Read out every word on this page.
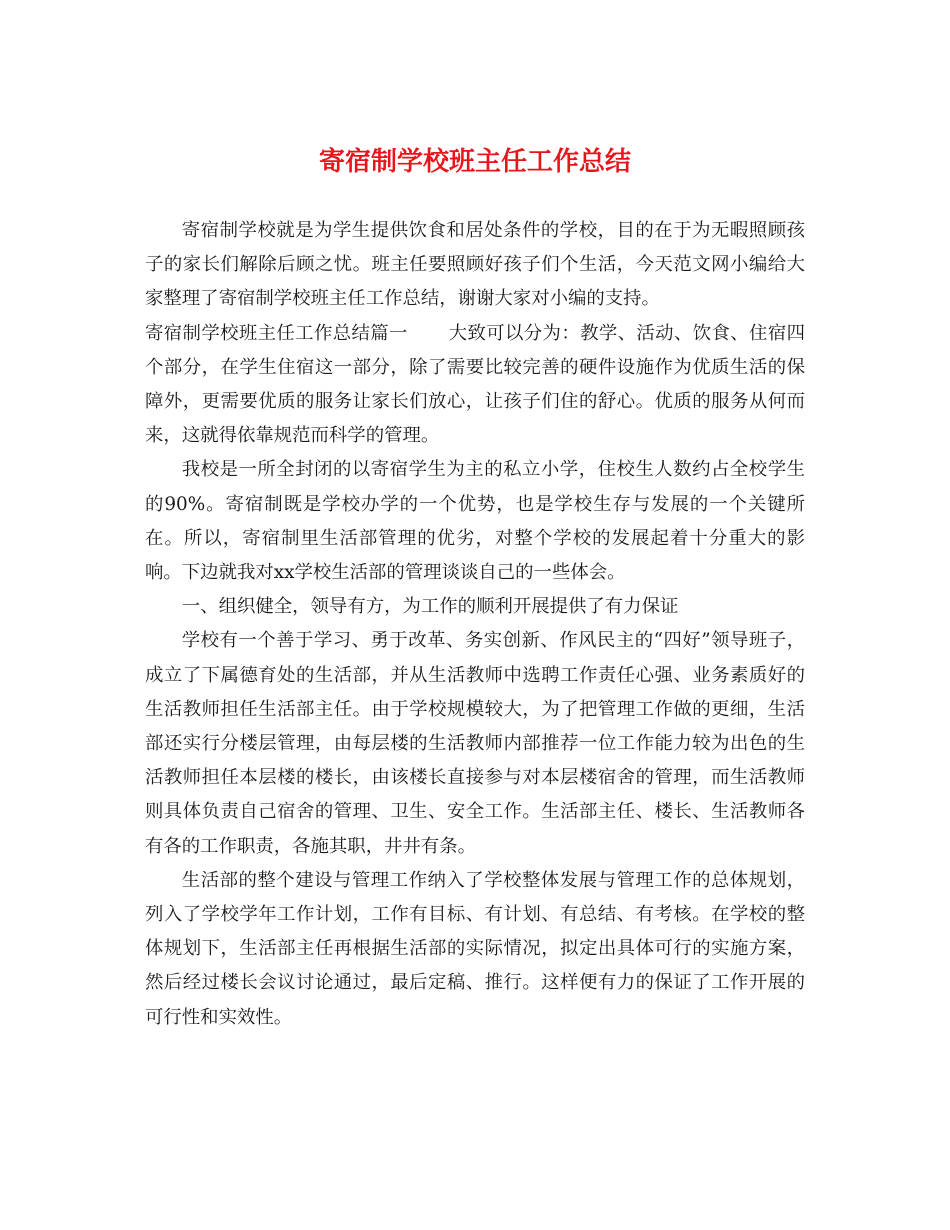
寄宿制学校班主任工作总结

寄宿制学校就是为学生提供饮食和居处条件的学校，目的在于为无暇照顾孩子的家长们解除后顾之忧。班主任要照顾好孩子们个生活，今天范文网小编给大家整理了寄宿制学校班主任工作总结，谢谢大家对小编的支持。

寄宿制学校班主任工作总结篇一 大致可以分为：教学、活动、饮食、住宿四个部分，在学生住宿这一部分，除了需要比较完善的硬件设施作为优质生活的保障外，更需要优质的服务让家长们放心，让孩子们住的舒心。优质的服务从何而来，这就得依靠规范而科学的管理。

我校是一所全封闭的以寄宿学生为主的私立小学，住校生人数约占全校学生的90%。寄宿制既是学校办学的一个优势，也是学校生存与发展的一个关键所在。所以，寄宿制里生活部管理的优劣，对整个学校的发展起着十分重大的影响。下边就我对xx学校生活部的管理谈谈自己的一些体会。

一、组织健全，领导有方，为工作的顺利开展提供了有力保证

学校有一个善于学习、勇于改革、务实创新、作风民主的“四好”领导班子，成立了下属德育处的生活部，并从生活教师中选聘工作责任心强、业务素质好的生活教师担任生活部主任。由于学校规模较大，为了把管理工作做的更细，生活部还实行分楼层管理，由每层楼的生活教师内部推荐一位工作能力较为出色的生活教师担任本层楼的楼长，由该楼长直接参与对本层楼宿舍的管理，而生活教师则具体负责自己宿舍的管理、卫生、安全工作。生活部主任、楼长、生活教师各有各的工作职责，各施其职，井井有条。

生活部的整个建设与管理工作纳入了学校整体发展与管理工作的总体规划，列入了学校学年工作计划，工作有目标、有计划、有总结、有考核。在学校的整体规划下，生活部主任再根据生活部的实际情况，拟定出具体可行的实施方案，然后经过楼长会议讨论通过，最后定稿、推行。这样便有力的保证了工作开展的可行性和实效性。
